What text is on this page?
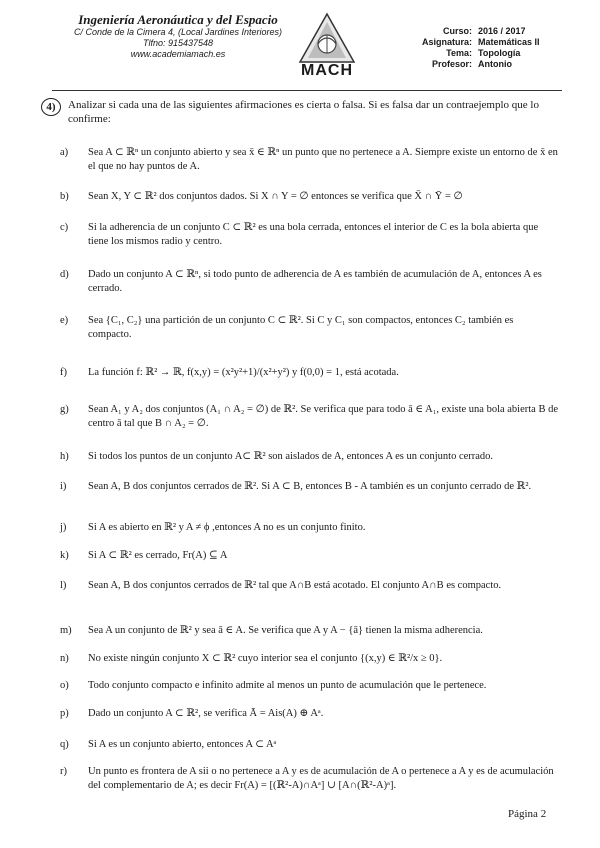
Ingeniería Aeronáutica y del Espacio
C/ Conde de la Cimera 4, (Local Jardines Interiores)
Tlfno: 915437548
www.academiamach.es
MACH
Curso: 2016 / 2017
Asignatura: Matemáticas II
Tema: Topología
Profesor: Antonio
4)	Analizar si cada una de las siguientes afirmaciones es cierta o falsa. Si es falsa dar un contraejemplo que lo confirme:
a)	Sea A ⊂ ℝⁿ un conjunto abierto y sea x̄ ∈ ℝⁿ un punto que no pertenece a A. Siempre existe un entorno de x̄ en el que no hay puntos de A.
b)	Sean X, Y ⊂ ℝ² dos conjuntos dados. Si X ∩ Y = ∅ entonces se verifica que X̄ ∩ Ȳ = ∅
c)	Si la adherencia de un conjunto C ⊂ ℝ² es una bola cerrada, entonces el interior de C es la bola abierta que tiene los mismos radio y centro.
d)	Dado un conjunto A ⊂ ℝⁿ, si todo punto de adherencia de A es también de acumulación de A, entonces A es cerrado.
e)	Sea {C₁, C₂} una partición de un conjunto C ⊂ ℝ². Si C y C₁ son compactos, entonces C₂ también es compacto.
f)	La función f: ℝ² → ℝ, f(x,y) = (x²y²+1)/(x²+y²) y f(0,0) = 1, está acotada.
g)	Sean A₁ y A₂ dos conjuntos (A₁ ∩ A₂ = ∅) de ℝ². Se verifica que para todo ā ∈ A₁, existe una bola abierta B de centro ā tal que B ∩ A₂ = ∅.
h)	Si todos los puntos de un conjunto A⊂ ℝ² son aislados de A, entonces A es un conjunto cerrado.
i)	Sean A, B dos conjuntos cerrados de ℝ². Si A ⊂ B, entonces B - A también es un conjunto cerrado de ℝ².
j)	Si A es abierto en ℝ² y A ≠ ϕ ,entonces A no es un conjunto finito.
k)	Si A ⊂ ℝ² es cerrado, Fr(A) ⊆ A
l)	Sean A, B dos conjuntos cerrados de ℝ² tal que A∩B está acotado. El conjunto A∩B es compacto.
m)	Sea A un conjunto de ℝ² y sea ā ∈ A. Se verifica que A y A − {ā} tienen la misma adherencia.
n)	No existe ningún conjunto X ⊂ ℝ² cuyo interior sea el conjunto {(x,y) ∈ ℝ²/x ≥ 0}.
o)	Todo conjunto compacto e infinito admite al menos un punto de acumulación que le pertenece.
p)	Dado un conjunto A ⊂ ℝ², se verifica Ā = Ais(A) ⊕ Aᵃ.
q)	Si A es un conjunto abierto, entonces A ⊂ Aᵃ
r)	Un punto es frontera de A sii o no pertenece a A y es de acumulación de A o pertenece a A y es de acumulación del complementario de A; es decir Fr(A) = [(ℝ²-A)∩Aᵃ] ∪ [A∩(ℝ²-A)ᵃ].
Página 2
